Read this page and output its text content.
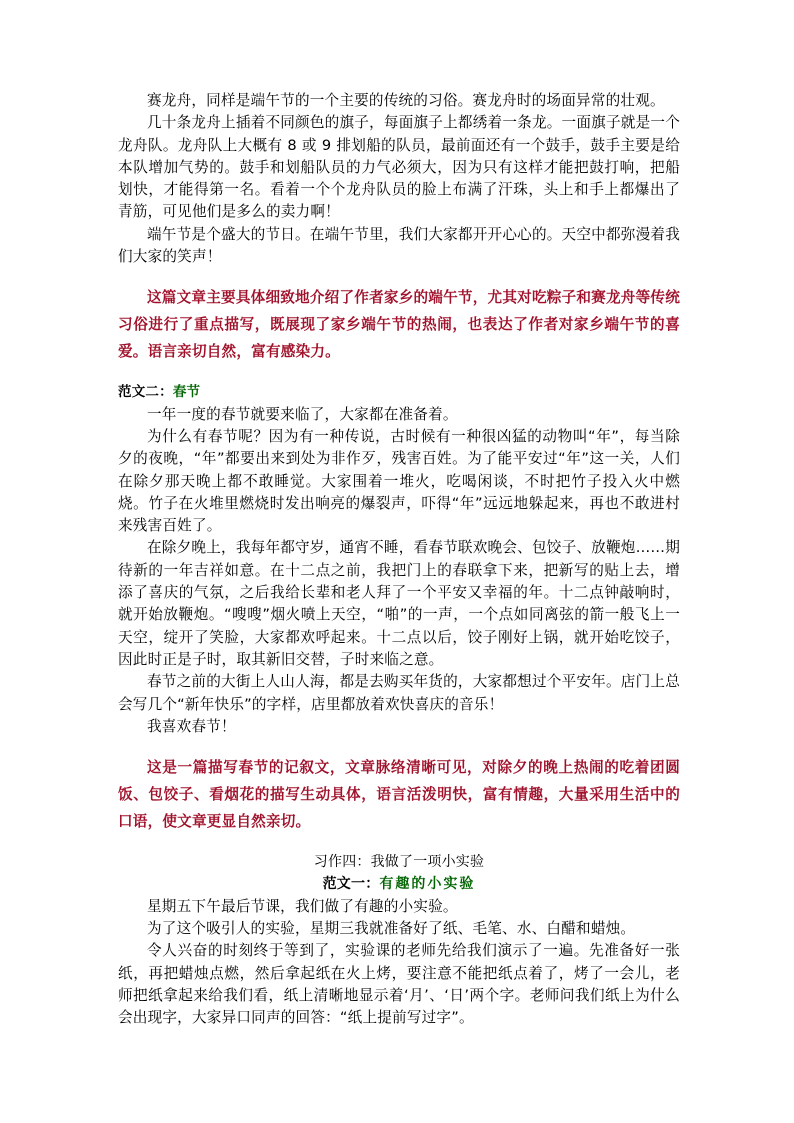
赛龙舟，同样是端午节的一个主要的传统的习俗。赛龙舟时的场面异常的壮观。

几十条龙舟上插着不同颜色的旗子，每面旗子上都绣着一条龙。一面旗子就是一个龙舟队。龙舟队上大概有 8 或 9 排划船的队员，最前面还有一个鼓手，鼓手主要是给本队增加气势的。鼓手和划船队员的力气必须大，因为只有这样才能把鼓打响，把船划快，才能得第一名。看着一个个龙舟队员的脸上布满了汗珠，头上和手上都爆出了青筋，可见他们是多么的卖力啊！

端午节是个盛大的节日。在端午节里，我们大家都开开心心的。天空中都弥漫着我们大家的笑声！

这篇文章主要具体细致地介绍了作者家乡的端午节，尤其对吃粽子和赛龙舟等传统习俗进行了重点描写，既展现了家乡端午节的热闹，也表达了作者对家乡端午节的喜爱。语言亲切自然，富有感染力。

范文二：春节

一年一度的春节就要来临了，大家都在准备着。

为什么有春节呢？因为有一种传说，古时候有一种很凶猛的动物叫“年”，每当除夕的夜晚，“年”都要出来到处为非作歹，残害百姓。为了能平安过“年”这一关，人们在除夕那天晚上都不敢睡觉。大家围着一堆火，吃喝闲谈，不时把竹子投入火中燃烧。竹子在火堆里燃烧时发出响亮的爆裂声，吓得“年”远远地躲起来，再也不敢进村来残害百姓了。

在除夕晚上，我每年都守岁，通宵不睡，看春节联欢晚会、包饺子、放鞭炮……期待新的一年吉祥如意。在十二点之前，我把门上的春联拿下来，把新写的贴上去，增添了喜庆的气氛，之后我给长辈和老人拜了一个平安又幸福的年。十二点钟敲响时，就开始放鞭炮。“嗖嗖”烟火喷上天空，“啪”的一声，一个点如同离弦的箭一般飞上一天空，绽开了笑脸，大家都欢呼起来。十二点以后，饺子刚好上锅，就开始吃饺子，因此时正是子时，取其新旧交替，子时来临之意。

春节之前的大街上人山人海，都是去购买年货的，大家都想过个平安年。店门上总会写几个“新年快乐”的字样，店里都放着欢快喜庆的音乐！

我喜欢春节！

这是一篇描写春节的记叙文，文章脉络清晰可见，对除夕的晚上热闹的吃着团圆饭、包饺子、看烟花的描写生动具体，语言活泼明快，富有情趣，大量采用生活中的口语，使文章更显自然亲切。

习作四：我做了一项小实验

范文一：有趣的小实验

星期五下午最后节课，我们做了有趣的小实验。

为了这个吸引人的实验，星期三我就准备好了纸、毛笔、水、白醋和蜡烛。

令人兴奋的时刻终于等到了，实验课的老师先给我们演示了一遍。先准备好一张纸，再把蜡烛点燃，然后拿起纸在火上烤，要注意不能把纸点着了，烤了一会儿，老师把纸拿起来给我们看，纸上清晰地显示着‘月’、‘日’两个字。老师问我们纸上为什么会出现字，大家异口同声的回答：“纸上提前写过字”。
